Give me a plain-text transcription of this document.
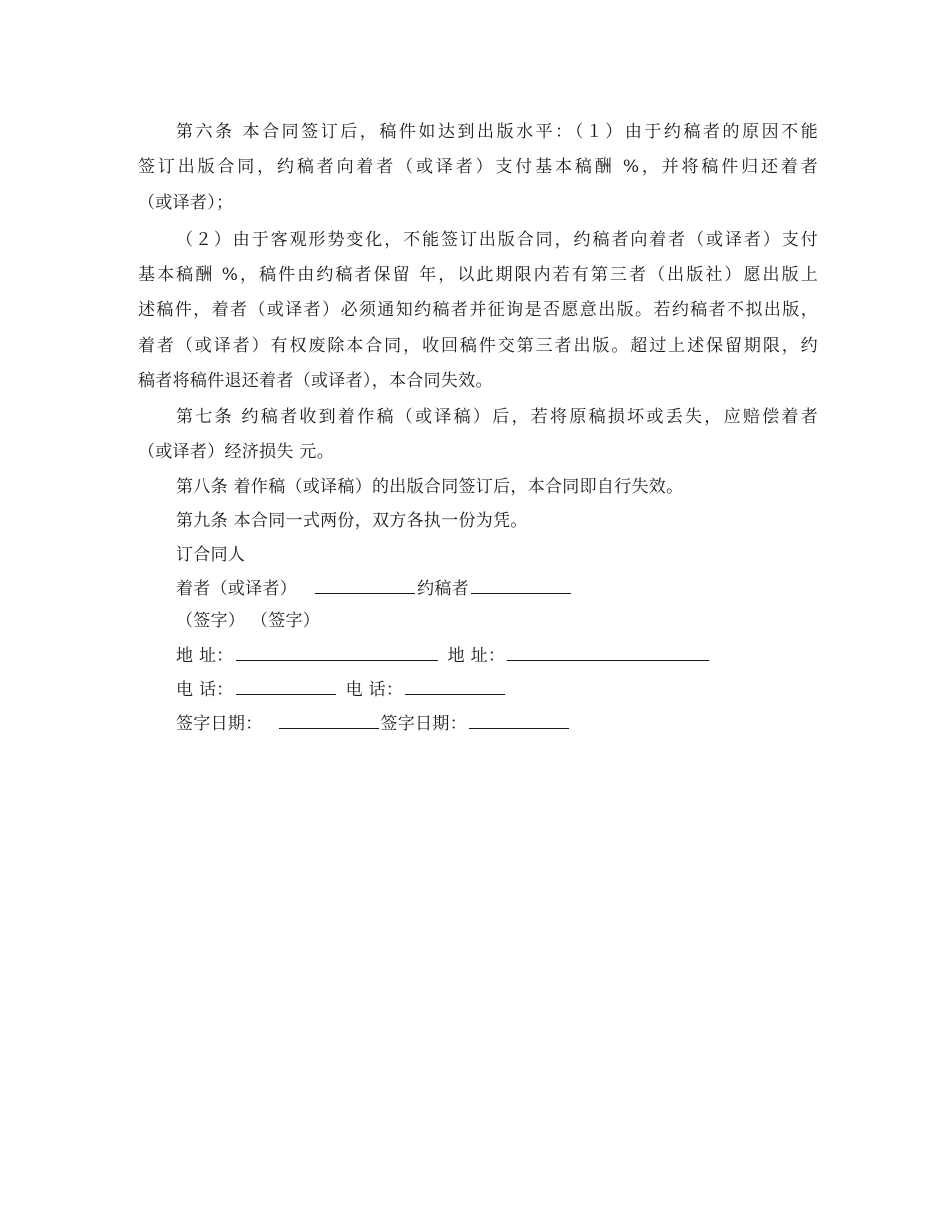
第六条 本合同签订后，稿件如达到出版水平：（１）由于约稿者的原因不能
签订出版合同，约稿者向着者（或译者）支付基本稿酬 %，并将稿件归还着者
（或译者）；
（２）由于客观形势变化，不能签订出版合同，约稿者向着者（或译者）支付
基本稿酬 %，稿件由约稿者保留 年，以此期限内若有第三者（出版社）愿出版上
述稿件，着者（或译者）必须通知约稿者并征询是否愿意出版。若约稿者不拟出版，
着者（或译者）有权废除本合同，收回稿件交第三者出版。超过上述保留期限，约
稿者将稿件退还着者（或译者），本合同失效。
第七条 约稿者收到着作稿（或译稿）后，若将原稿损坏或丢失，应赔偿着者
（或译者）经济损失 元。
第八条 着作稿（或译稿）的出版合同签订后，本合同即自行失效。
第九条 本合同一式两份，双方各执一份为凭。
订合同人
着者（或译者）	约稿者
（签字） （签字）
地 址：	地 址：
电 话：	电 话：
签字日期：	签字日期：
